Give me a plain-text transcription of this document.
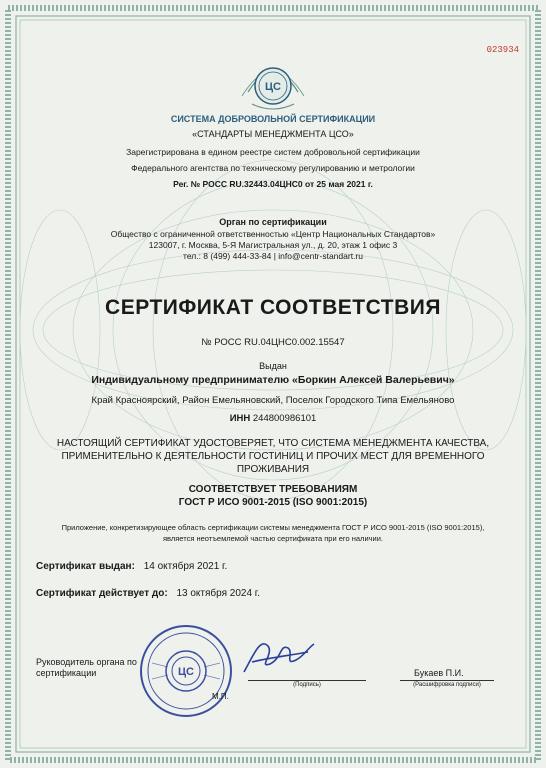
023934
ЦС
СИСТЕМА ДОБРОВОЛЬНОЙ СЕРТИФИКАЦИИ
«СТАНДАРТЫ МЕНЕДЖМЕНТА ЦСО»
Зарегистрирована в едином реестре систем добровольной сертификации
Федерального агентства по техническому регулированию и метрологии
Рег. № РОСС RU.32443.04ЦНС0 от 25 мая 2021 г.
Орган по сертификации
Общество с ограниченной ответственностью «Центр Национальных Стандартов»
123007, г. Москва, 5-Я Магистральная ул., д. 20, этаж 1 офис 3
тел.: 8 (499) 444-33-84 | info@centr-standart.ru
СЕРТИФИКАТ СООТВЕТСТВИЯ
№ РОСС RU.04ЦНС0.002.15547
Выдан
Индивидуальному предпринимателю «Боркин Алексей Валерьевич»
Край Красноярский, Район Емельяновский, Поселок Городского Типа Емельяново
ИНН 244800986101
НАСТОЯЩИЙ СЕРТИФИКАТ УДОСТОВЕРЯЕТ, ЧТО СИСТЕМА МЕНЕДЖМЕНТА КАЧЕСТВА,
ПРИМЕНИТЕЛЬНО К ДЕЯТЕЛЬНОСТИ ГОСТИНИЦ И ПРОЧИХ МЕСТ ДЛЯ ВРЕМЕННОГО
ПРОЖИВАНИЯ
СООТВЕТСТВУЕТ ТРЕБОВАНИЯМ
ГОСТ Р ИСО 9001-2015 (ISO 9001:2015)
Приложение, конкретизирующее область сертификации системы менеджмента ГОСТ Р ИСО 9001-2015 (ISO 9001:2015),
является неотъемлемой частью сертификата при его наличии.
Сертификат выдан: 14 октября 2021 г.
Сертификат действует до: 13 октября 2024 г.
Руководитель органа по
сертификации	ЦС
М.П.
(Подпись)
Букаев П.И.
(Расшифровка подписи)
